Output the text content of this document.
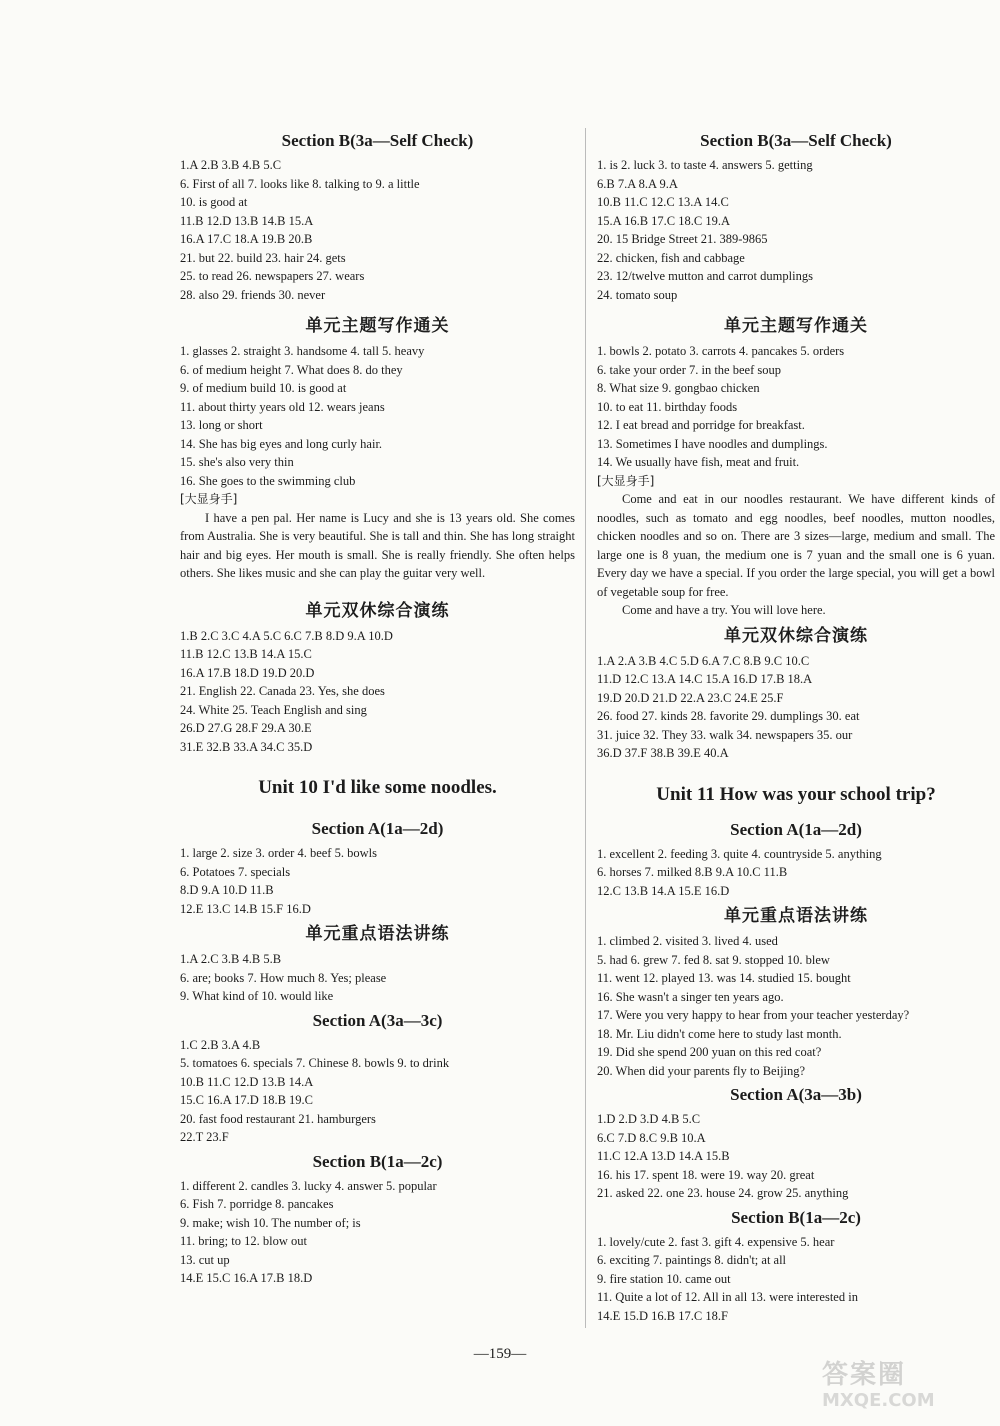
Section B(3a—Self Check)
1.A 2.B 3.B 4.B 5.C
6. First of all 7. looks like 8. talking to 9. a little
10. is good at
11.B 12.D 13.B 14.B 15.A
16.A 17.C 18.A 19.B 20.B
21. but 22. build 23. hair 24. gets
25. to read 26. newspapers 27. wears
28. also 29. friends 30. never
单元主题写作通关
1. glasses 2. straight 3. handsome 4. tall 5. heavy
6. of medium height 7. What does 8. do they
9. of medium build 10. is good at
11. about thirty years old 12. wears jeans
13. long or short
14. She has big eyes and long curly hair.
15. she's also very thin
16. She goes to the swimming club
[大显身手]

I have a pen pal. Her name is Lucy and she is 13 years old. She comes from Australia. She is very beautiful. She is tall and thin. She has long straight hair and big eyes. Her mouth is small. She is really friendly. She often helps others. She likes music and she can play the guitar very well.

单元双休综合演练
1.B 2.C 3.C 4.A 5.C 6.C 7.B 8.D 9.A 10.D
11.B 12.C 13.B 14.A 15.C
16.A 17.B 18.D 19.D 20.D
21. English 22. Canada 23. Yes, she does
24. White 25. Teach English and sing
26.D 27.G 28.F 29.A 30.E
31.E 32.B 33.A 34.C 35.D
Unit 10 I'd like some noodles.
Section A(1a—2d)
1. large 2. size 3. order 4. beef 5. bowls
6. Potatoes 7. specials
8.D 9.A 10.D 11.B
12.E 13.C 14.B 15.F 16.D
单元重点语法讲练
1.A 2.C 3.B 4.B 5.B
6. are; books 7. How much 8. Yes; please
9. What kind of 10. would like
Section A(3a—3c)
1.C 2.B 3.A 4.B
5. tomatoes 6. specials 7. Chinese 8. bowls 9. to drink
10.B 11.C 12.D 13.B 14.A
15.C 16.A 17.D 18.B 19.C
20. fast food restaurant 21. hamburgers
22.T 23.F
Section B(1a—2c)
1. different 2. candles 3. lucky 4. answer 5. popular
6. Fish 7. porridge 8. pancakes
9. make; wish 10. The number of; is
11. bring; to 12. blow out
13. cut up
14.E 15.C 16.A 17.B 18.D
Section B(3a—Self Check)
1. is 2. luck 3. to taste 4. answers 5. getting
6.B 7.A 8.A 9.A
10.B 11.C 12.C 13.A 14.C
15.A 16.B 17.C 18.C 19.A
20. 15 Bridge Street 21. 389-9865
22. chicken, fish and cabbage
23. 12/twelve mutton and carrot dumplings
24. tomato soup
单元主题写作通关
1. bowls 2. potato 3. carrots 4. pancakes 5. orders
6. take your order 7. in the beef soup
8. What size 9. gongbao chicken
10. to eat 11. birthday foods
12. I eat bread and porridge for breakfast.
13. Sometimes I have noodles and dumplings.
14. We usually have fish, meat and fruit.
[大显身手]

Come and eat in our noodles restaurant. We have different kinds of noodles, such as tomato and egg noodles, beef noodles, mutton noodles, chicken noodles and so on. There are 3 sizes—large, medium and small. The large one is 8 yuan, the medium one is 7 yuan and the small one is 6 yuan. Every day we have a special. If you order the large special, you will get a bowl of vegetable soup for free.

Come and have a try. You will love here.

单元双休综合演练
1.A 2.A 3.B 4.C 5.D 6.A 7.C 8.B 9.C 10.C
11.D 12.C 13.A 14.C 15.A 16.D 17.B 18.A
19.D 20.D 21.D 22.A 23.C 24.E 25.F
26. food 27. kinds 28. favorite 29. dumplings 30. eat
31. juice 32. They 33. walk 34. newspapers 35. our
36.D 37.F 38.B 39.E 40.A
Unit 11 How was your school trip?
Section A(1a—2d)
1. excellent 2. feeding 3. quite 4. countryside 5. anything
6. horses 7. milked 8.B 9.A 10.C 11.B
12.C 13.B 14.A 15.E 16.D
单元重点语法讲练
1. climbed 2. visited 3. lived 4. used
5. had 6. grew 7. fed 8. sat 9. stopped 10. blew
11. went 12. played 13. was 14. studied 15. bought
16. She wasn't a singer ten years ago.
17. Were you very happy to hear from your teacher yesterday?
18. Mr. Liu didn't come here to study last month.
19. Did she spend 200 yuan on this red coat?
20. When did your parents fly to Beijing?
Section A(3a—3b)
1.D 2.D 3.D 4.B 5.C
6.C 7.D 8.C 9.B 10.A
11.C 12.A 13.D 14.A 15.B
16. his 17. spent 18. were 19. way 20. great
21. asked 22. one 23. house 24. grow 25. anything
Section B(1a—2c)
1. lovely/cute 2. fast 3. gift 4. expensive 5. hear
6. exciting 7. paintings 8. didn't; at all
9. fire station 10. came out
11. Quite a lot of 12. All in all 13. were interested in
14.E 15.D 16.B 17.C 18.F
—159—
答案圈
MXQE.COM
